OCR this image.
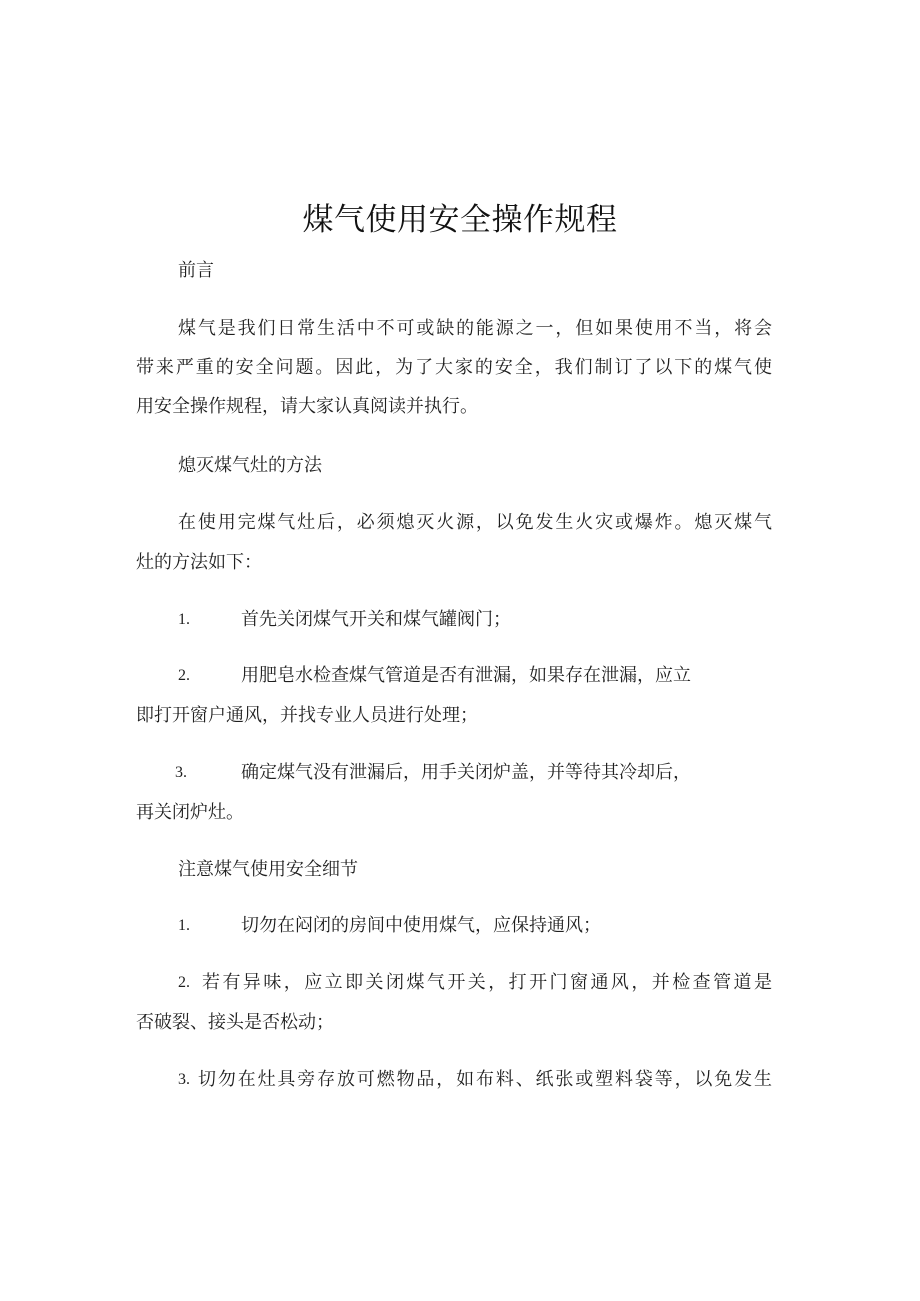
煤气使用安全操作规程
前言
煤气是我们日常生活中不可或缺的能源之一，但如果使用不当，将会
带来严重的安全问题。因此，为了大家的安全，我们制订了以下的煤气使
用安全操作规程，请大家认真阅读并执行。
熄灭煤气灶的方法
在使用完煤气灶后，必须熄灭火源，以免发生火灾或爆炸。熄灭煤气
灶的方法如下：
1.	首先关闭煤气开关和煤气罐阀门；
2.	用肥皂水检查煤气管道是否有泄漏，如果存在泄漏，应立
即打开窗户通风，并找专业人员进行处理；
3.	确定煤气没有泄漏后，用手关闭炉盖，并等待其冷却后，
再关闭炉灶。
注意煤气使用安全细节
1.	切勿在闷闭的房间中使用煤气，应保持通风；
2. 若有异味，应立即关闭煤气开关，打开门窗通风，并检查管道是
否破裂、接头是否松动；
3. 切勿在灶具旁存放可燃物品，如布料、纸张或塑料袋等，以免发生
